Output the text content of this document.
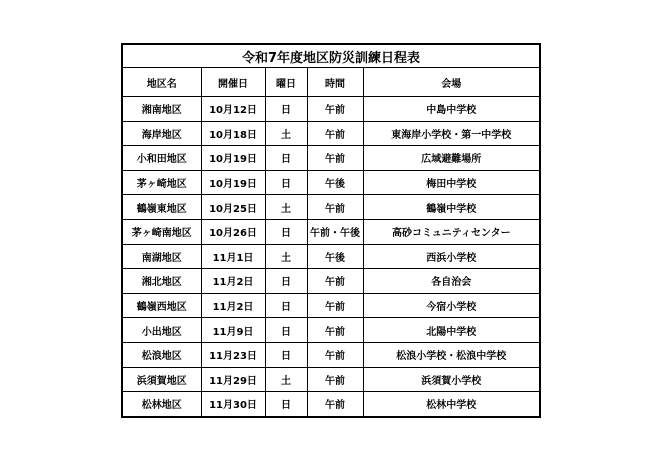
令和7年度地区防災訓練日程表				
地区名	開催日	曜日	時間	会場
湘南地区	10月12日	日	午前	中島中学校
海岸地区	10月18日	土	午前	東海岸小学校・第一中学校
小和田地区	10月19日	日	午前	広域避難場所
茅ヶ崎地区	10月19日	日	午後	梅田中学校
鶴嶺東地区	10月25日	土	午前	鶴嶺中学校
茅ヶ崎南地区	10月26日	日	午前・午後	高砂コミュニティセンター
南湖地区	11月1日	土	午後	西浜小学校
湘北地区	11月2日	日	午前	各自治会
鶴嶺西地区	11月2日	日	午前	今宿小学校
小出地区	11月9日	日	午前	北陽中学校
松浪地区	11月23日	日	午前	松浪小学校・松浪中学校
浜須賀地区	11月29日	土	午前	浜須賀小学校
松林地区	11月30日	日	午前	松林中学校
